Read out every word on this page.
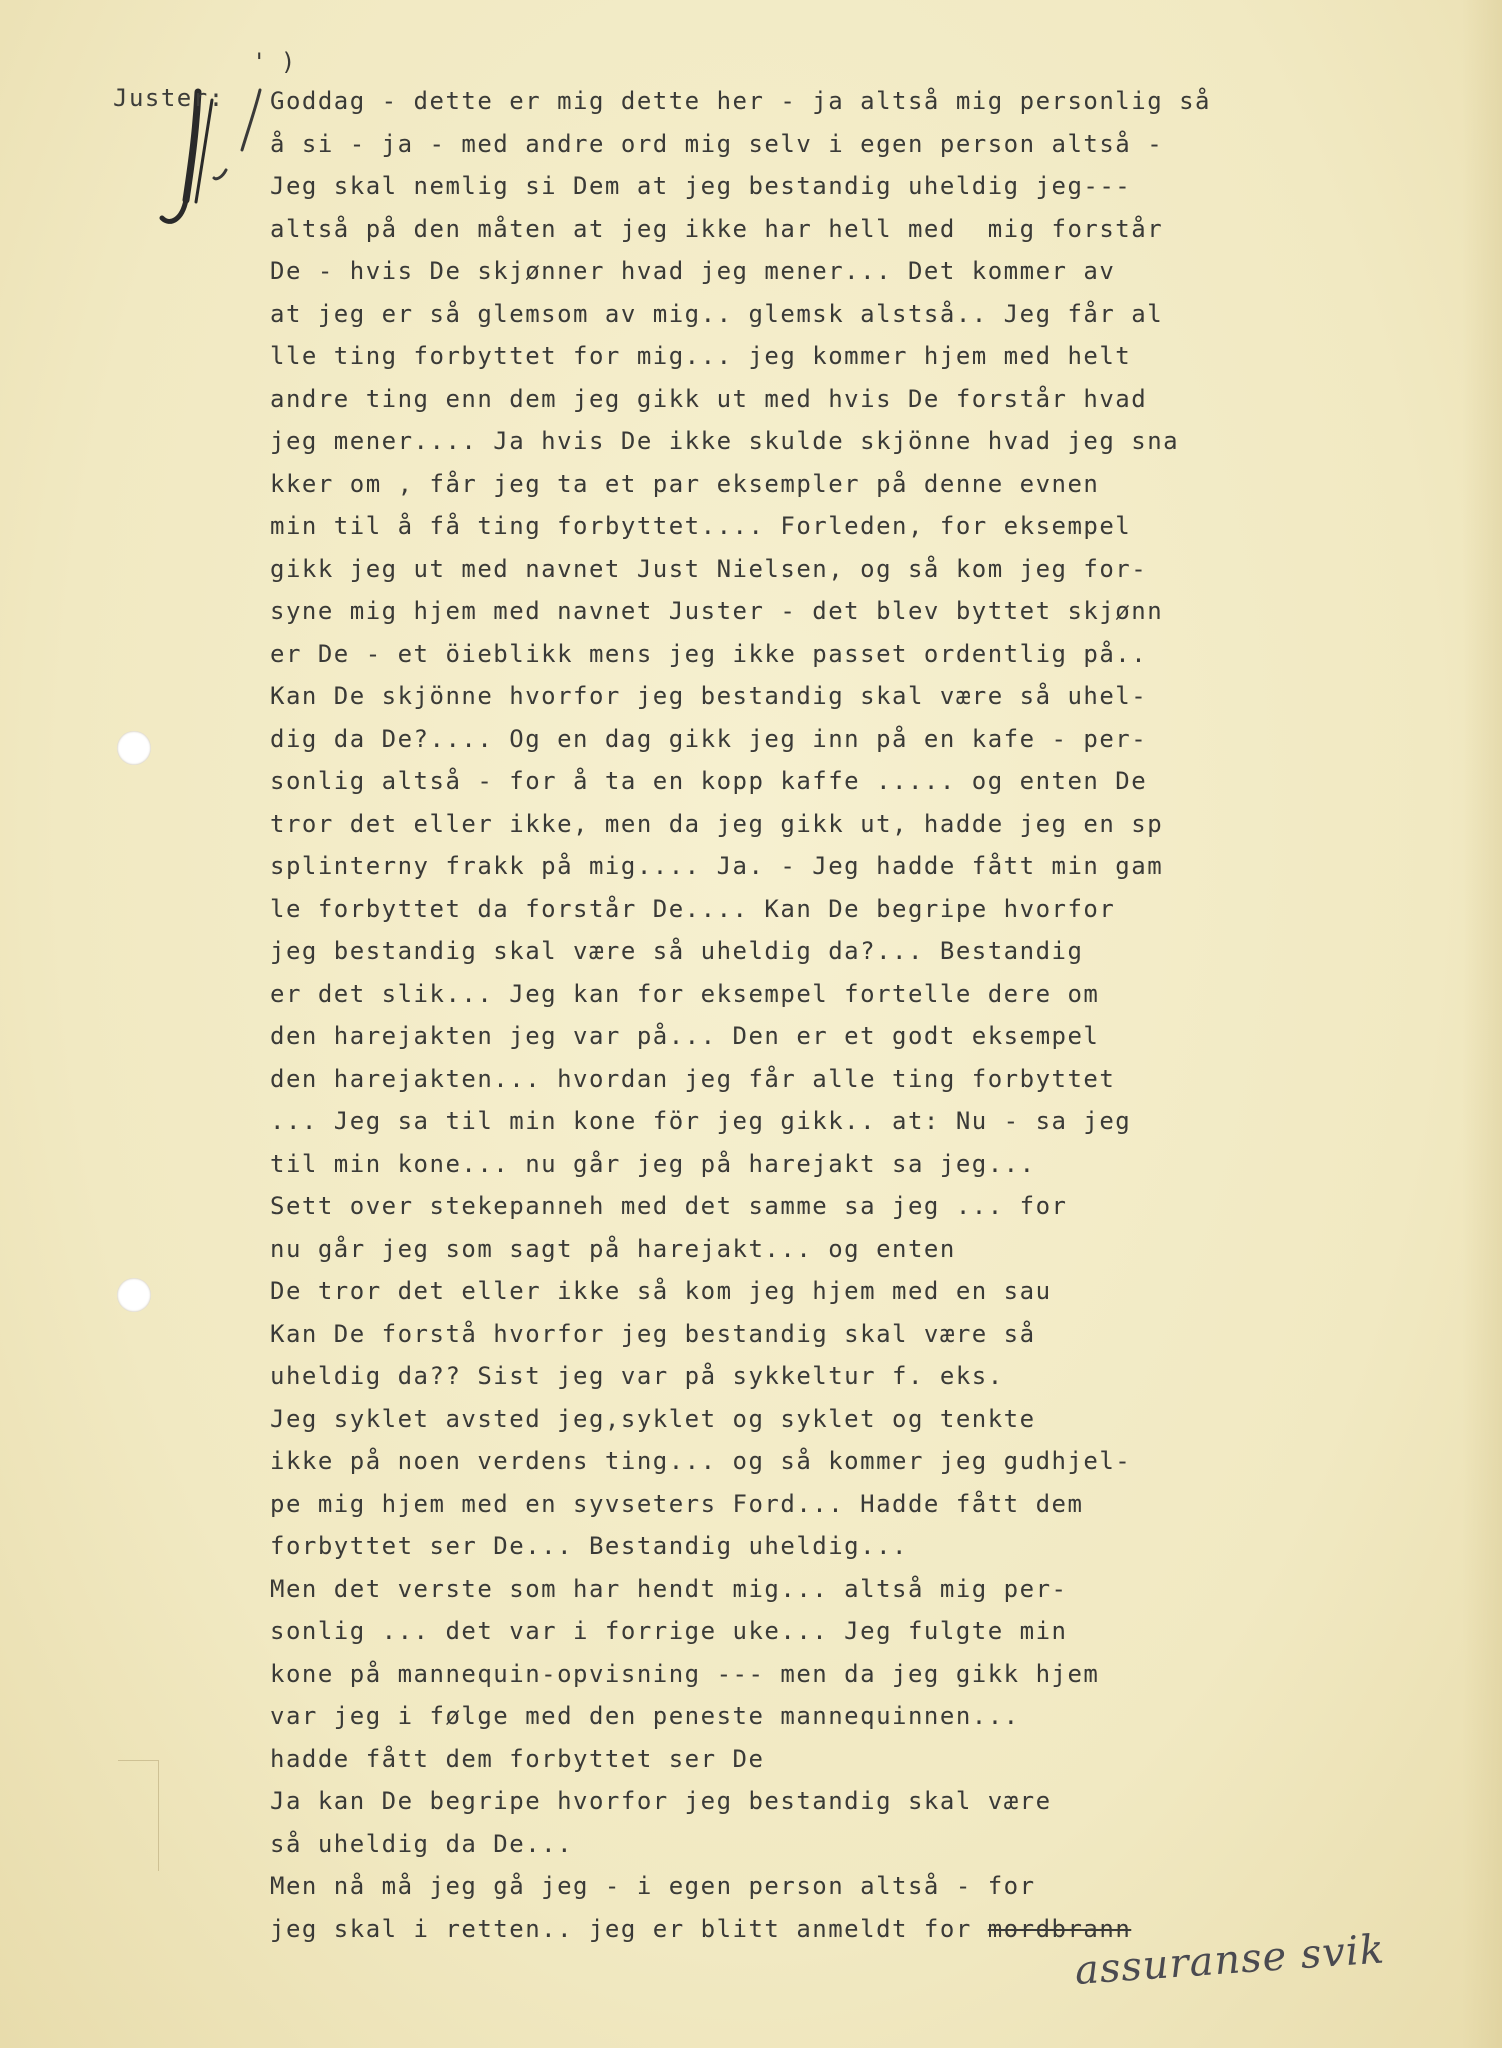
' )
Juster: Goddag - dette er mig dette her - ja altså mig personlig så
å si - ja - med andre ord mig selv i egen person altså -
Jeg skal nemlig si Dem at jeg bestandig uheldig jeg---
altså på den måten at jeg ikke har hell med  mig forstår
De - hvis De skjønner hvad jeg mener... Det kommer av
at jeg er så glemsom av mig.. glemsk alstså.. Jeg får al
lle ting forbyttet for mig... jeg kommer hjem med helt
andre ting enn dem jeg gikk ut med hvis De forstår hvad
jeg mener.... Ja hvis De ikke skulde skjönne hvad jeg sna
kker om , får jeg ta et par eksempler på denne evnen
min til å få ting forbyttet.... Forleden, for eksempel
gikk jeg ut med navnet Just Nielsen, og så kom jeg for-
syne mig hjem med navnet Juster - det blev byttet skjønn
er De - et öieblikk mens jeg ikke passet ordentlig på..
Kan De skjönne hvorfor jeg bestandig skal være så uhel-
dig da De?.... Og en dag gikk jeg inn på en kafe - per-
sonlig altså - for å ta en kopp kaffe ..... og enten De
tror det eller ikke, men da jeg gikk ut, hadde jeg en sp
splinterny frakk på mig.... Ja. - Jeg hadde fått min gam
le forbyttet da forstår De.... Kan De begripe hvorfor
jeg bestandig skal være så uheldig da?... Bestandig
er det slik... Jeg kan for eksempel fortelle dere om
den harejakten jeg var på... Den er et godt eksempel
den harejakten... hvordan jeg får alle ting forbyttet
... Jeg sa til min kone för jeg gikk.. at: Nu - sa jeg
til min kone... nu går jeg på harejakt sa jeg...
Sett over stekepanneh med det samme sa jeg ... for
nu går jeg som sagt på harejakt... og enten
De tror det eller ikke så kom jeg hjem med en sau
Kan De forstå hvorfor jeg bestandig skal være så
uheldig da?? Sist jeg var på sykkeltur f. eks.
Jeg syklet avsted jeg,syklet og syklet og tenkte
ikke på noen verdens ting... og så kommer jeg gudhjel-
pe mig hjem med en syvseters Ford... Hadde fått dem
forbyttet ser De... Bestandig uheldig...
Men det verste som har hendt mig... altså mig per-
sonlig ... det var i forrige uke... Jeg fulgte min
kone på mannequin-opvisning --- men da jeg gikk hjem
var jeg i følge med den peneste mannequinnen...
hadde fått dem forbyttet ser De
Ja kan De begripe hvorfor jeg bestandig skal være
så uheldig da De...
Men nå må jeg gå jeg - i egen person altså - for
jeg skal i retten.. jeg er blitt anmeldt for mordbrann
assuranse svik
